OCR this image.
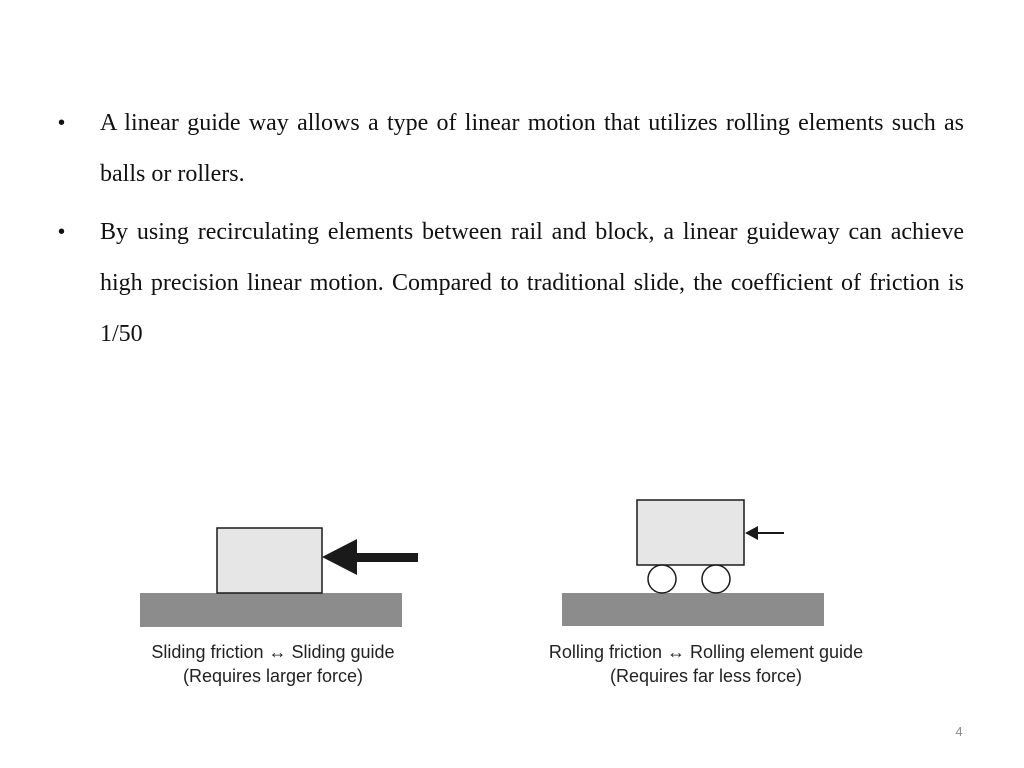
• A linear guide way allows a type of linear motion that utilizes rolling elements such as balls or rollers.
• By using recirculating elements between rail and block, a linear guideway can achieve high precision linear motion. Compared to traditional slide, the coefficient of friction is 1/50
Sliding friction ↔ Sliding guide
(Requires larger force)
Rolling friction ↔ Rolling element guide
(Requires far less force)
4
